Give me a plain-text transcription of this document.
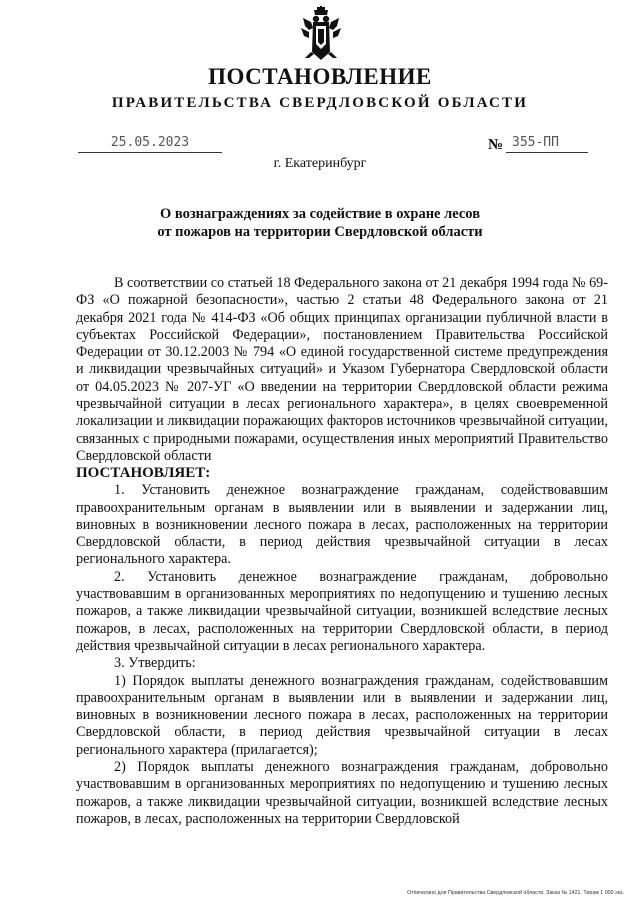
ПОСТАНОВЛЕНИЕ
ПРАВИТЕЛЬСТВА СВЕРДЛОВСКОЙ ОБЛАСТИ
25.05.2023	№ 355-ПП
г. Екатеринбург
О вознаграждениях за содействие в охране лесов
от пожаров на территории Свердловской области

В соответствии со статьей 18 Федерального закона от 21 декабря 1994 года № 69-ФЗ «О пожарной безопасности», частью 2 статьи 48 Федерального закона от 21 декабря 2021 года № 414-ФЗ «Об общих принципах организации публичной власти в субъектах Российской Федерации», постановлением Правительства Российской Федерации от 30.12.2003 № 794 «О единой государственной системе предупреждения и ликвидации чрезвычайных ситуаций» и Указом Губернатора Свердловской области от 04.05.2023 № 207-УГ «О введении на территории Свердловской области режима чрезвычайной ситуации в лесах регионального характера», в целях своевременной локализации и ликвидации поражающих факторов источников чрезвычайной ситуации, связанных с природными пожарами, осуществления иных мероприятий Правительство Свердловской области

ПОСТАНОВЛЯЕТ:

1. Установить денежное вознаграждение гражданам, содействовавшим правоохранительным органам в выявлении или в выявлении и задержании лиц, виновных в возникновении лесного пожара в лесах, расположенных на территории Свердловской области, в период действия чрезвычайной ситуации в лесах регионального характера.

2. Установить денежное вознаграждение гражданам, добровольно участвовавшим в организованных мероприятиях по недопущению и тушению лесных пожаров, а также ликвидации чрезвычайной ситуации, возникшей вследствие лесных пожаров, в лесах, расположенных на территории Свердловской области, в период действия чрезвычайной ситуации в лесах регионального характера.

3. Утвердить:

1) Порядок выплаты денежного вознаграждения гражданам, содействовавшим правоохранительным органам в выявлении или в выявлении и задержании лиц, виновных в возникновении лесного пожара в лесах, расположенных на территории Свердловской области, в период действия чрезвычайной ситуации в лесах регионального характера (прилагается);

2) Порядок выплаты денежного вознаграждения гражданам, добровольно участвовавшим в организованных мероприятиях по недопущению и тушению лесных пожаров, а также ликвидации чрезвычайной ситуации, возникшей вследствие лесных пожаров, в лесах, расположенных на территории Свердловской

Отпечатано для Правительства Свердловской области. Заказ № 1421. Тираж 1 000 экз.
